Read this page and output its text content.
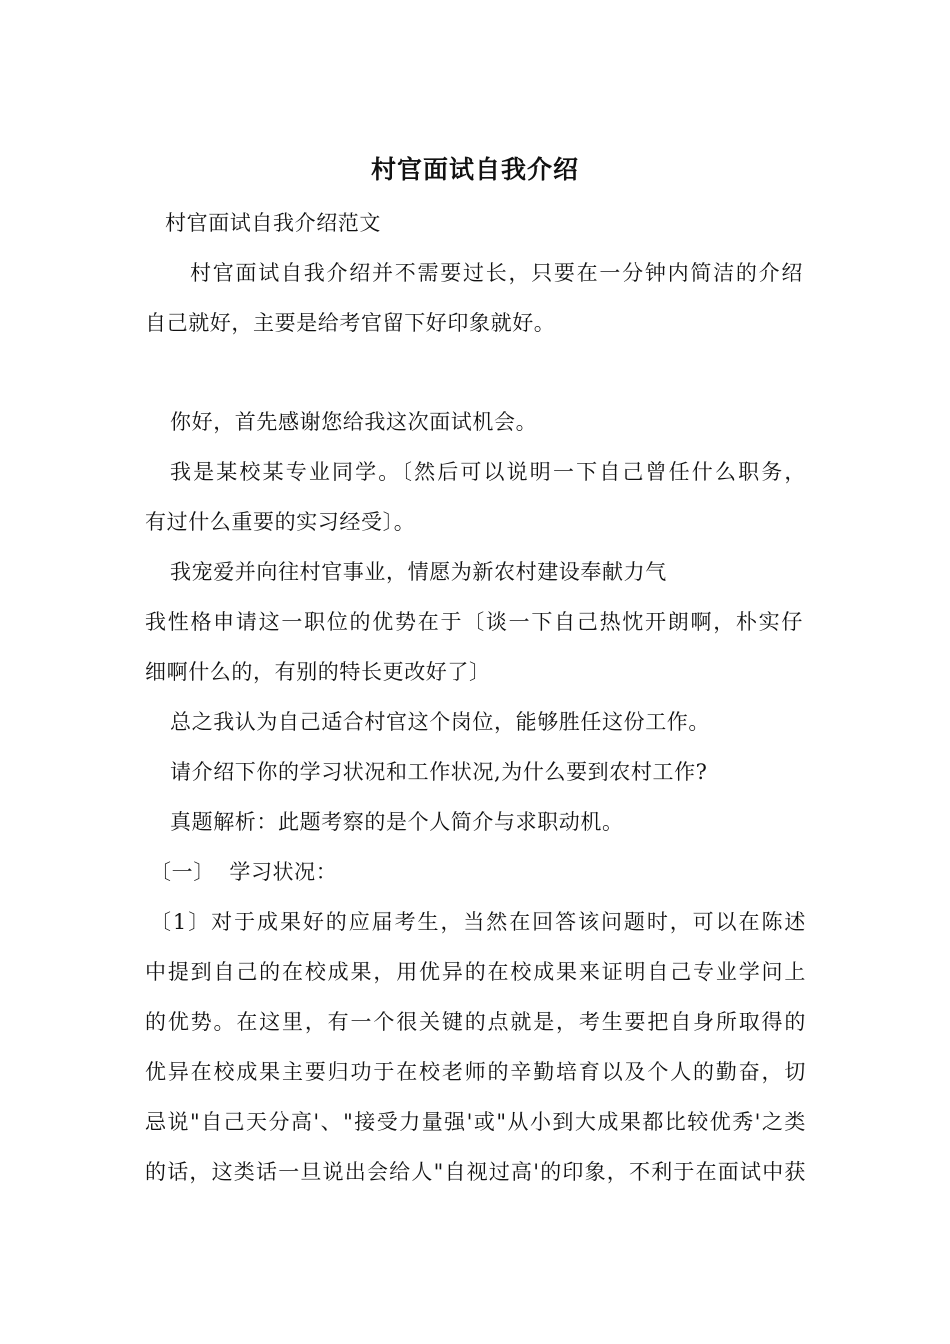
村官面试自我介绍
村官面试自我介绍范文
村官面试自我介绍并不需要过长，只要在一分钟内简洁的介绍
自己就好，主要是给考官留下好印象就好。
你好，首先感谢您给我这次面试机会。
我是某校某专业同学。〔然后可以说明一下自己曾任什么职务，
有过什么重要的实习经受〕。
我宠爱并向往村官事业，情愿为新农村建设奉献力气
我性格申请这一职位的优势在于〔谈一下自己热忱开朗啊，朴实仔
细啊什么的，有别的特长更改好了〕
总之我认为自己适合村官这个岗位，能够胜任这份工作。
请介绍下你的学习状况和工作状况,为什么要到农村工作?
真题解析：此题考察的是个人简介与求职动机。
〔一〕  学习状况：
〔1〕对于成果好的应届考生，当然在回答该问题时，可以在陈述
中提到自己的在校成果，用优异的在校成果来证明自己专业学问上
的优势。在这里，有一个很关键的点就是，考生要把自身所取得的
优异在校成果主要归功于在校老师的辛勤培育以及个人的勤奋，切
忌说"自己天分高'、"接受力量强'或"从小到大成果都比较优秀'之类
的话，这类话一旦说出会给人"自视过高'的印象，不利于在面试中获
